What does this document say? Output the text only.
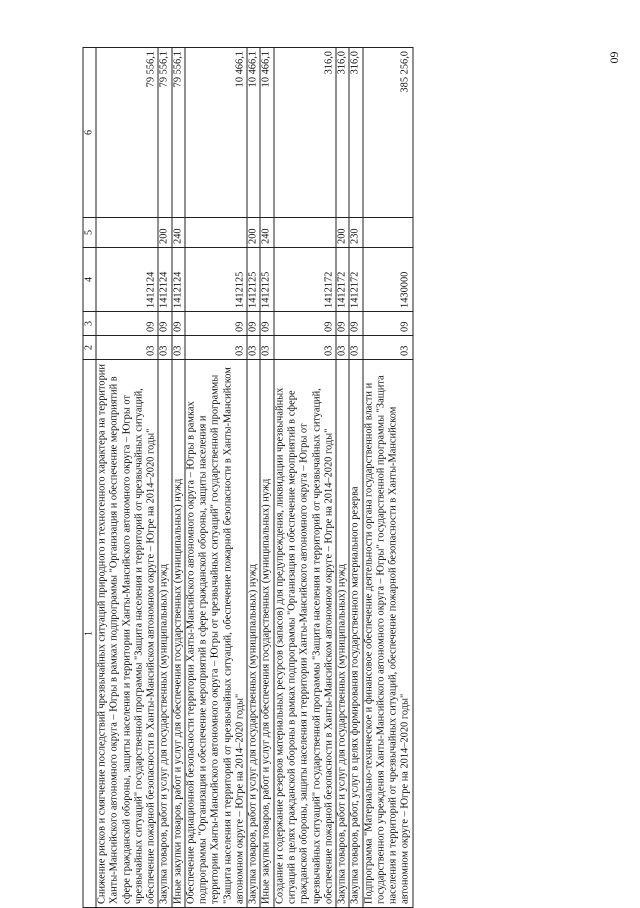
60
1	2	3	4	5	6
Снижение рисков и смягчение последствий чрезвычайных ситуаций природного и техногенного характера на территории Ханты-Мансийского автономного округа – Югры в рамках подпрограммы "Организация и обеспечение мероприятий в сфере гражданской обороны, защиты населения и территории Ханты-Мансийского автономного округа – Югры от чрезвычайных ситуаций" государственной программы "Защита населения и территорий от чрезвычайных ситуаций, обеспечение пожарной безопасности в Ханты-Мансийском автономном округе – Югре на 2014–2020 годы"	03	09	1412124		79 556,1
Закупка товаров, работ и услуг для государственных (муниципальных) нужд	03	09	1412124	200	79 556,1
Иные закупки товаров, работ и услуг для обеспечения государственных (муниципальных) нужд	03	09	1412124	240	79 556,1
Обеспечение радиационной безопасности территории Ханты-Мансийского автономного округа – Югры в рамках подпрограммы "Организация и обеспечение мероприятий в сфере гражданской обороны, защиты населения и территории Ханты-Мансийского автономного округа – Югры от чрезвычайных ситуаций" государственной программы "Защита населения и территорий от чрезвычайных ситуаций, обеспечение пожарной безопасности в Ханты-Мансийском автономном округе – Югре на 2014–2020 годы"	03	09	1412125		10 466,1
Закупка товаров, работ и услуг для государственных (муниципальных) нужд	03	09	1412125	200	10 466,1
Иные закупки товаров, работ и услуг для обеспечения государственных (муниципальных) нужд	03	09	1412125	240	10 466,1
Создание и содержание резервов материальных ресурсов (запасов) для предупреждения, ликвидации чрезвычайных ситуаций в целях гражданской обороны в рамках подпрограммы "Организация и обеспечение мероприятий в сфере гражданской обороны, защиты населения и территории Ханты-Мансийского автономного округа – Югры от чрезвычайных ситуаций" государственной программы "Защита населения и территорий от чрезвычайных ситуаций, обеспечение пожарной безопасности в Ханты-Мансийском автономном округе – Югре на 2014–2020 годы"	03	09	1412172		316,0
Закупка товаров, работ и услуг для государственных (муниципальных) нужд	03	09	1412172	200	316,0
Закупка товаров, работ, услуг в целях формирования государственного материального резерва	03	09	1412172	230	316,0
Подпрограмма "Материально-техническое и финансовое обеспечение деятельности органа государственной власти и государственного учреждения Ханты-Мансийского автономного округа – Югры" государственной программы "Защита населения и территорий от чрезвычайных ситуаций, обеспечение пожарной безопасности в Ханты-Мансийском автономном округе – Югре на 2014–2020 годы"	03	09	1430000		385 256,0
